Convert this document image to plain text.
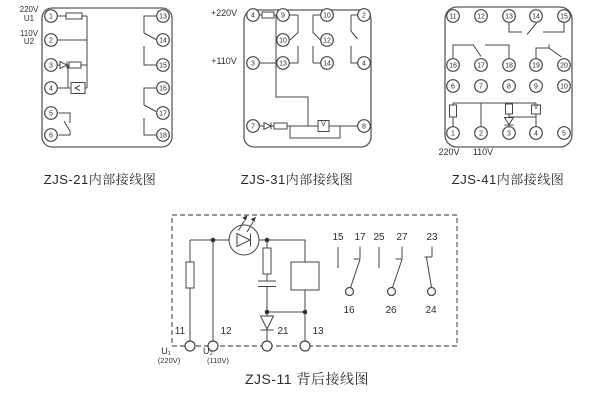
1
2
3
4
5
6
13
14
15
16
17
18
4	9	10	2
10	12
3	13	14	4
7	8
11	12	13	14	15
16	17	18	19	20
6	7	8	9	10
1	2	3	4	5
220V
U1
110V
U2
+220V
+110V
V
220V	110V
V
15	17 25	27	23
16	26	24
11	12	21	13
U₁	U₂
(220V)	(110V)
ZJS-21内部接线图	ZJS-31内部接线图	ZJS-41内部接线图
ZJS-11 背后接线图
